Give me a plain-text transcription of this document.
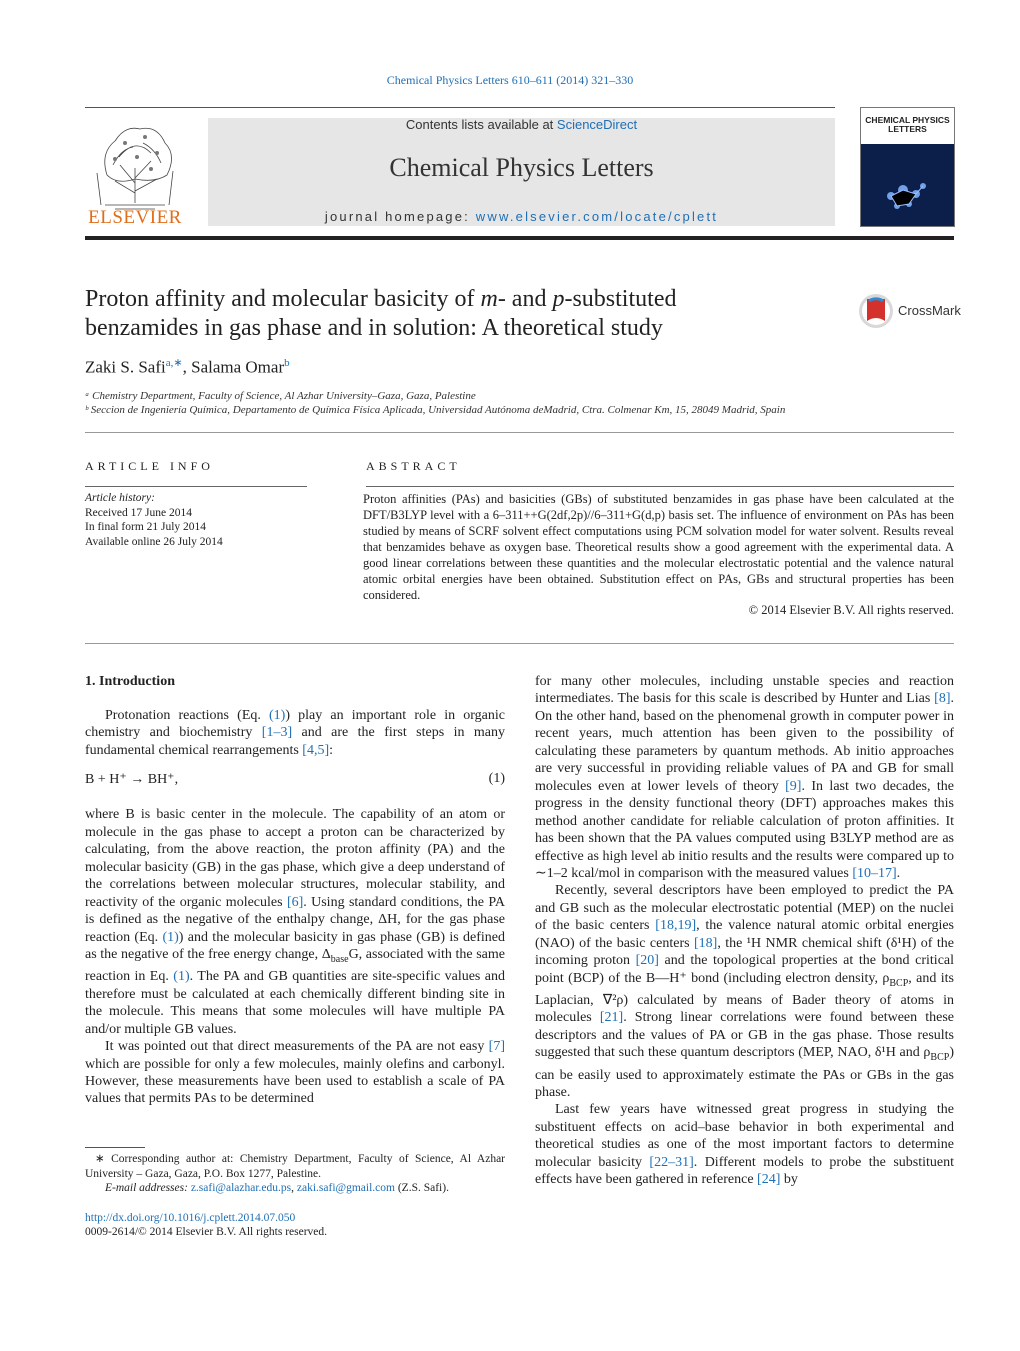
Chemical Physics Letters 610–611 (2014) 321–330
ELSEVIER
Contents lists available at ScienceDirect
Chemical Physics Letters
journal homepage: www.elsevier.com/locate/cplett
CHEMICAL PHYSICS LETTERS
Proton affinity and molecular basicity of m- and p-substituted
benzamides in gas phase and in solution: A theoretical study
CrossMark
Zaki S. Safi$^{a,∗}$, Salama Omar$^b$
ᵃ Chemistry Department, Faculty of Science, Al Azhar University–Gaza, Gaza, Palestine
ᵇ Seccion de Ingeniería Química, Departamento de Química Física Aplicada, Universidad Autónoma deMadrid, Ctra. Colmenar Km, 15, 28049 Madrid, Spain
ARTICLE INFO	ABSTRACT
Article history:
Received 17 June 2014
In final form 21 July 2014
Available online 26 July 2014
Proton affinities (PAs) and basicities (GBs) of substituted benzamides in gas phase have been calculated at the DFT/B3LYP level with a 6–311++G(2df,2p)//6–311+G(d,p) basis set. The influence of environment on PAs has been studied by means of SCRF solvent effect computations using PCM solvation model for water solvent. Results reveal that benzamides behave as oxygen base. Theoretical results show a good agreement with the experimental data. A good linear correlations between these quantities and the molecular electrostatic potential and the valence natural atomic orbital energies have been obtained. Substitution effect on PAs, GBs and structural properties has been considered.
© 2014 Elsevier B.V. All rights reserved.
1. Introduction

Protonation reactions (Eq. (1)) play an important role in organic chemistry and biochemistry [1–3] and are the first steps in many fundamental chemical rearrangements [4,5]:

where B is basic center in the molecule. The capability of an atom or molecule in the gas phase to accept a proton can be characterized by calculating, from the above reaction, the proton affinity (PA) and the molecular basicity (GB) in the gas phase, which give a deep understand of the correlations between molecular structures, molecular stability, and reactivity of the organic molecules [6]. Using standard conditions, the PA is defined as the negative of the enthalpy change, ΔH, for the gas phase reaction (Eq. (1)) and the molecular basicity in gas phase (GB) is defined as the negative of the free energy change, $\Delta_{base}G$, associated with the same reaction in Eq. (1). The PA and GB quantities are site-specific values and therefore must be calculated at each chemically different binding site in the molecule. This means that some molecules will have multiple PA and/or multiple GB values.

It was pointed out that direct measurements of the PA are not easy [7] which are possible for only a few molecules, mainly olefins and carbonyl. However, these measurements have been used to establish a scale of PA values that permits PAs to be determined

B + H⁺ → BH⁺,	(1)

for many other molecules, including unstable species and reaction intermediates. The basis for this scale is described by Hunter and Lias [8]. On the other hand, based on the phenomenal growth in computer power in recent years, much attention has been given to the possibility of calculating these parameters by quantum methods. Ab initio approaches are very successful in providing reliable values of PA and GB for small molecules even at lower levels of theory [9]. In last two decades, the progress in the density functional theory (DFT) approaches makes this method another candidate for reliable calculation of proton affinities. It has been shown that the PA values computed using B3LYP method are as effective as high level ab initio results and the results were compared up to ∼1–2 kcal/mol in comparison with the measured values [10–17].

Recently, several descriptors have been employed to predict the PA and GB such as the molecular electrostatic potential (MEP) on the nuclei of the basic centers [18,19], the valence natural atomic orbital energies (NAO) of the basic centers [18], the ¹H NMR chemical shift (δ¹H) of the incoming proton [20] and the topological properties at the bond critical point (BCP) of the B—H⁺ bond (including electron density, $\rho_{BCP}$, and its Laplacian, ∇²ρ) calculated by means of Bader theory of atoms in molecules [21]. Strong linear correlations were found between these descriptors and the values of PA or GB in the gas phase. Those results suggested that such these quantum descriptors (MEP, NAO, δ¹H and $\rho_{BCP}$) can be easily used to approximately estimate the PAs or GBs in the gas phase.

Last few years have witnessed great progress in studying the substituent effects on acid–base behavior in both experimental and theoretical studies as one of the most important factors to determine molecular basicity [22–31]. Different models to probe the substituent effects have been gathered in reference [24] by

∗ Corresponding author at: Chemistry Department, Faculty of Science, Al Azhar University – Gaza, Gaza, P.O. Box 1277, Palestine.
E-mail addresses: z.safi@alazhar.edu.ps, zaki.safi@gmail.com (Z.S. Safi).
http://dx.doi.org/10.1016/j.cplett.2014.07.050
0009-2614/© 2014 Elsevier B.V. All rights reserved.
